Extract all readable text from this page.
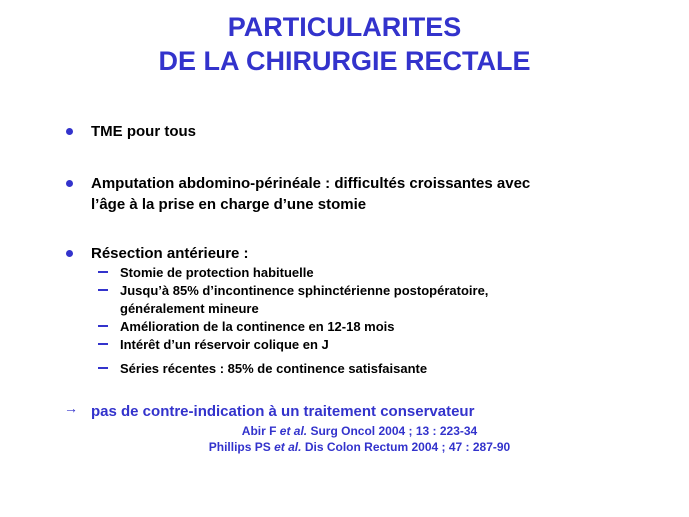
PARTICULARITES
DE LA CHIRURGIE RECTALE
TME pour tous
Amputation abdomino-périnéale : difficultés croissantes avec
l’âge à la prise en charge d’une stomie
Résection antérieure :
Stomie de protection habituelle
Jusqu’à 85% d’incontinence sphinctérienne postopératoire,
généralement mineure
Amélioration de la continence en 12-18 mois
Intérêt d’un réservoir colique en J
Séries récentes : 85% de continence satisfaisante
→ pas de contre-indication à un traitement conservateur
Abir F et al. Surg Oncol 2004 ; 13 : 223-34
Phillips PS et al. Dis Colon Rectum 2004 ; 47 : 287-90
